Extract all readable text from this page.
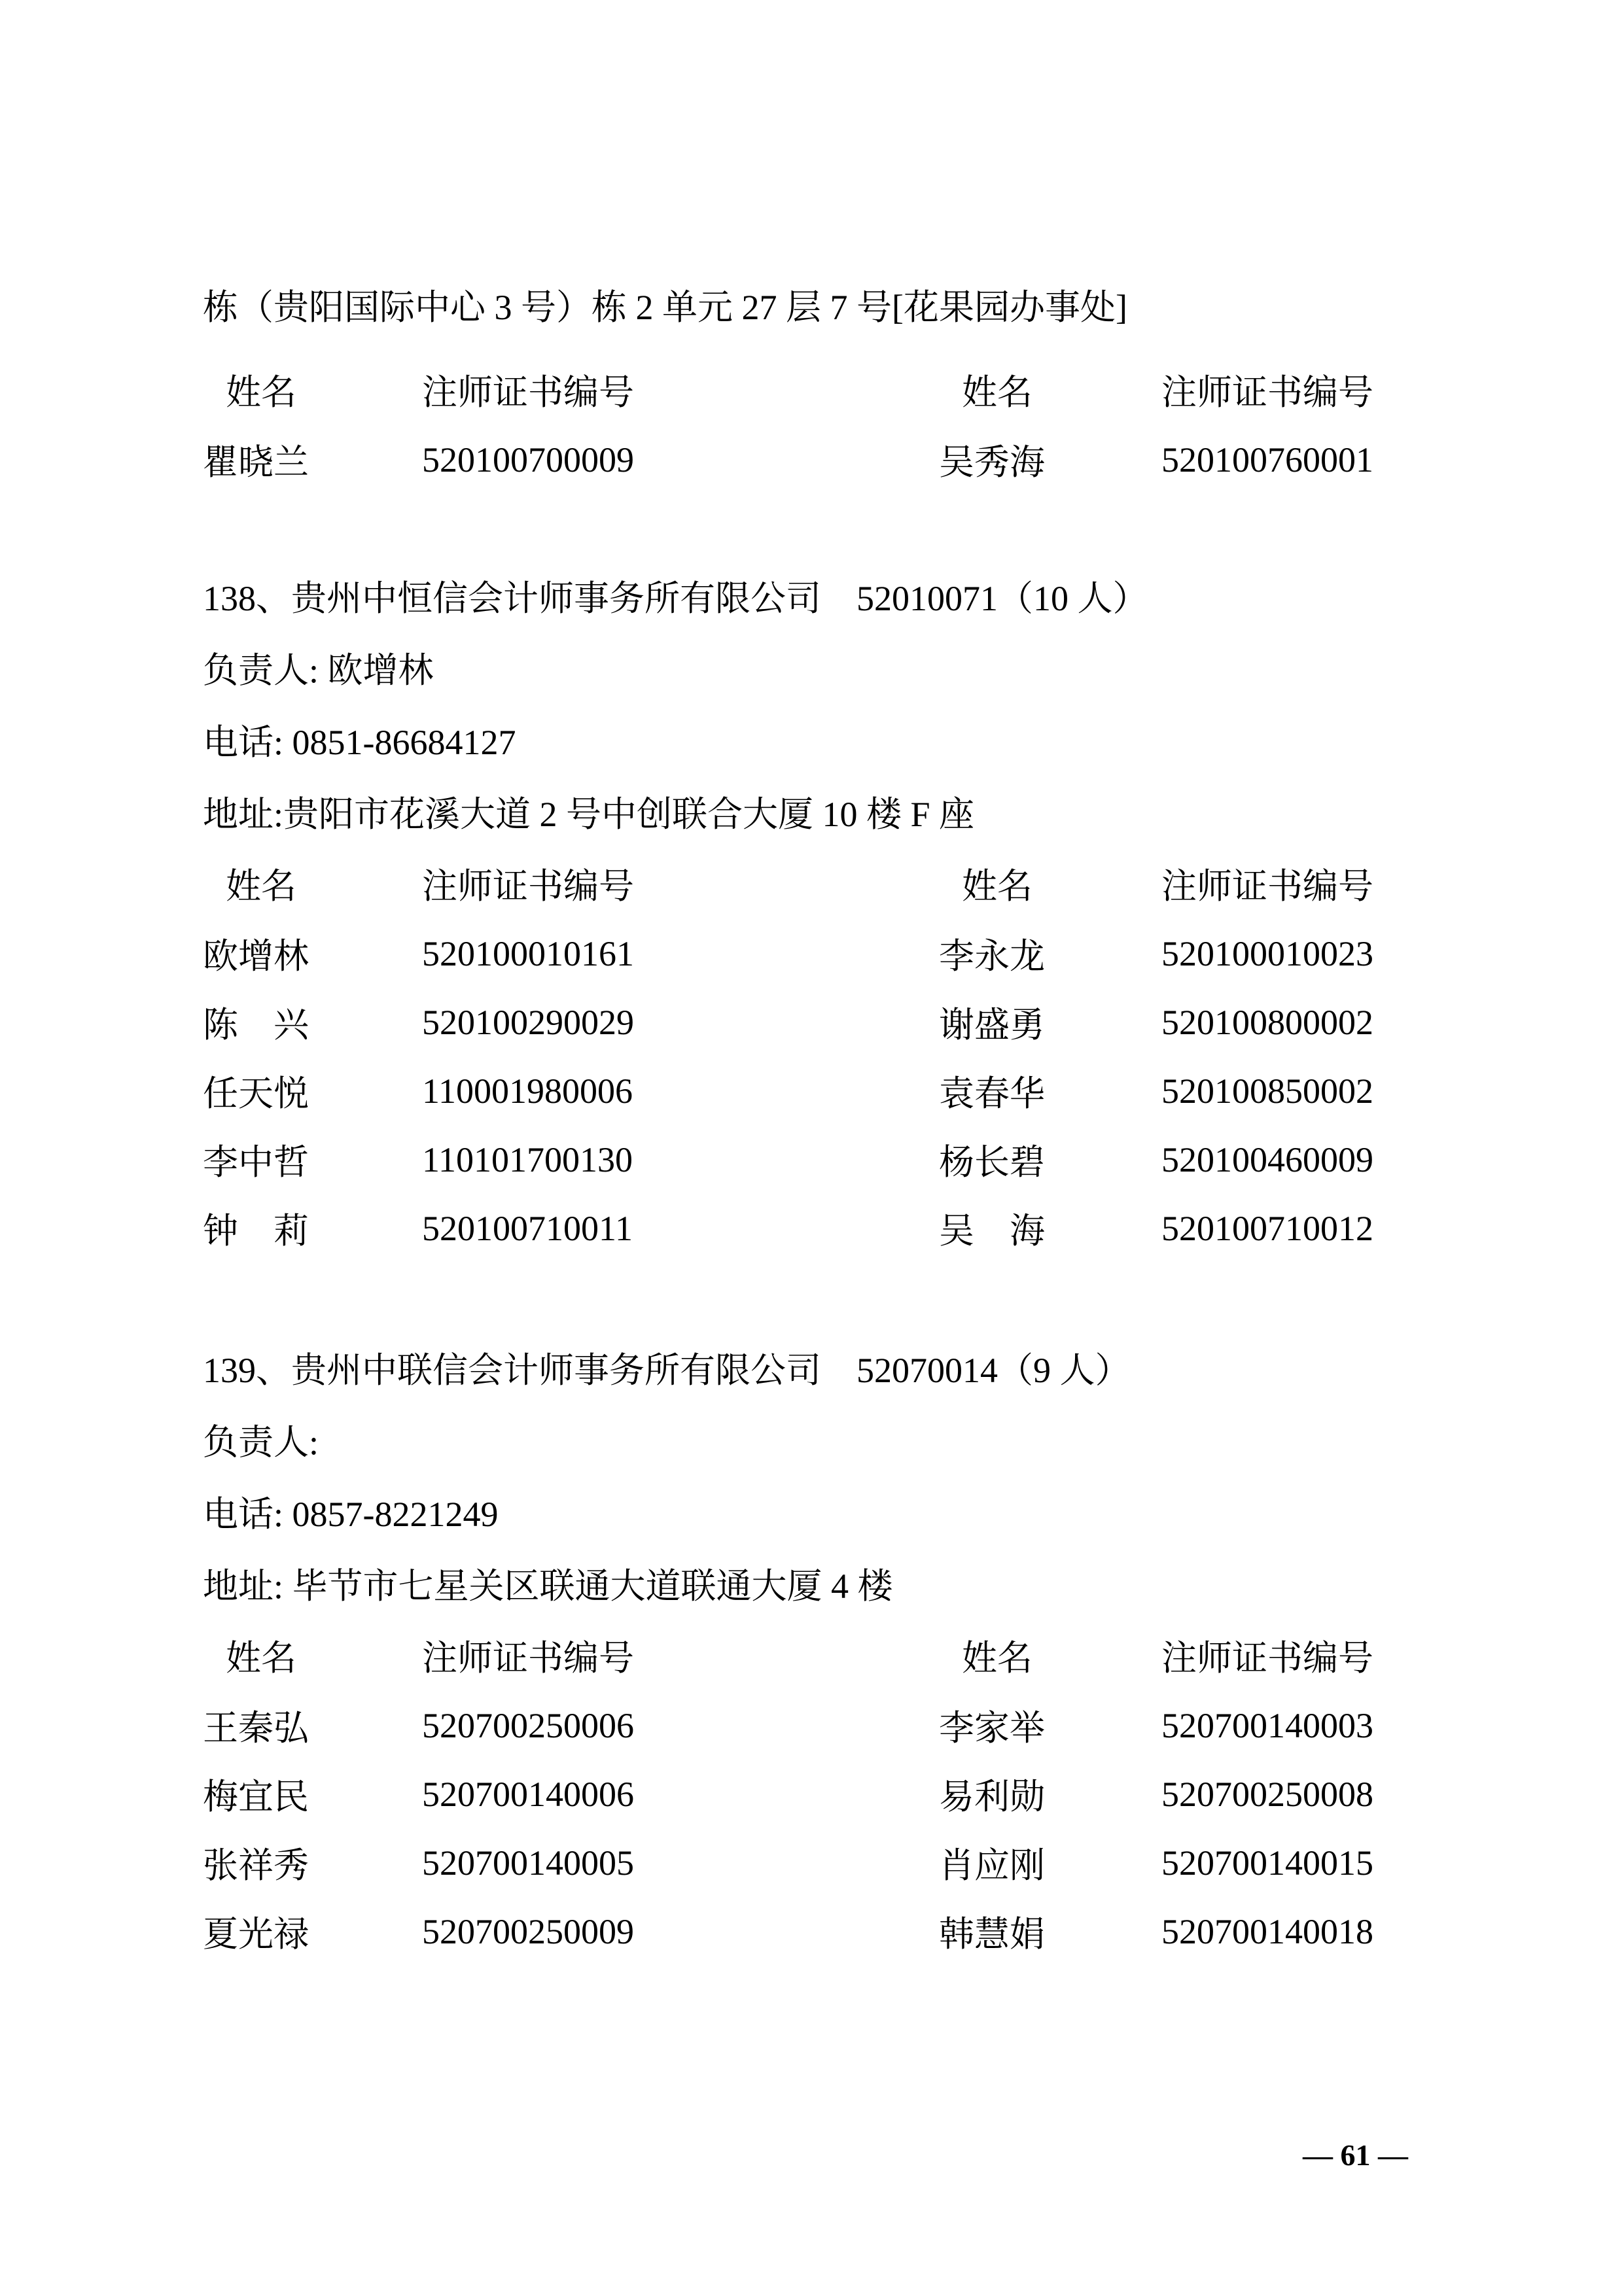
栋（贵阳国际中心 3 号）栋 2 单元 27 层 7 号[花果园办事处]
姓名	注师证书编号	姓名	注师证书编号
瞿晓兰	520100700009	吴秀海	520100760001
138、贵州中恒信会计师事务所有限公司　52010071（10 人）
负责人: 欧增林
电话: 0851-86684127
地址:贵阳市花溪大道 2 号中创联合大厦 10 楼 F 座
姓名	注师证书编号	姓名	注师证书编号
欧增林	520100010161	李永龙	520100010023
陈　兴	520100290029	谢盛勇	520100800002
任天悦	110001980006	袁春华	520100850002
李中哲	110101700130	杨长碧	520100460009
钟　莉	520100710011	吴　海	520100710012
139、贵州中联信会计师事务所有限公司　52070014（9 人）
负责人:
电话: 0857-8221249
地址: 毕节市七星关区联通大道联通大厦 4 楼
姓名	注师证书编号	姓名	注师证书编号
王秦弘	520700250006	李家举	520700140003
梅宜民	520700140006	易利勋	520700250008
张祥秀	520700140005	肖应刚	520700140015
夏光禄	520700250009	韩慧娟	520700140018
— 61 —
